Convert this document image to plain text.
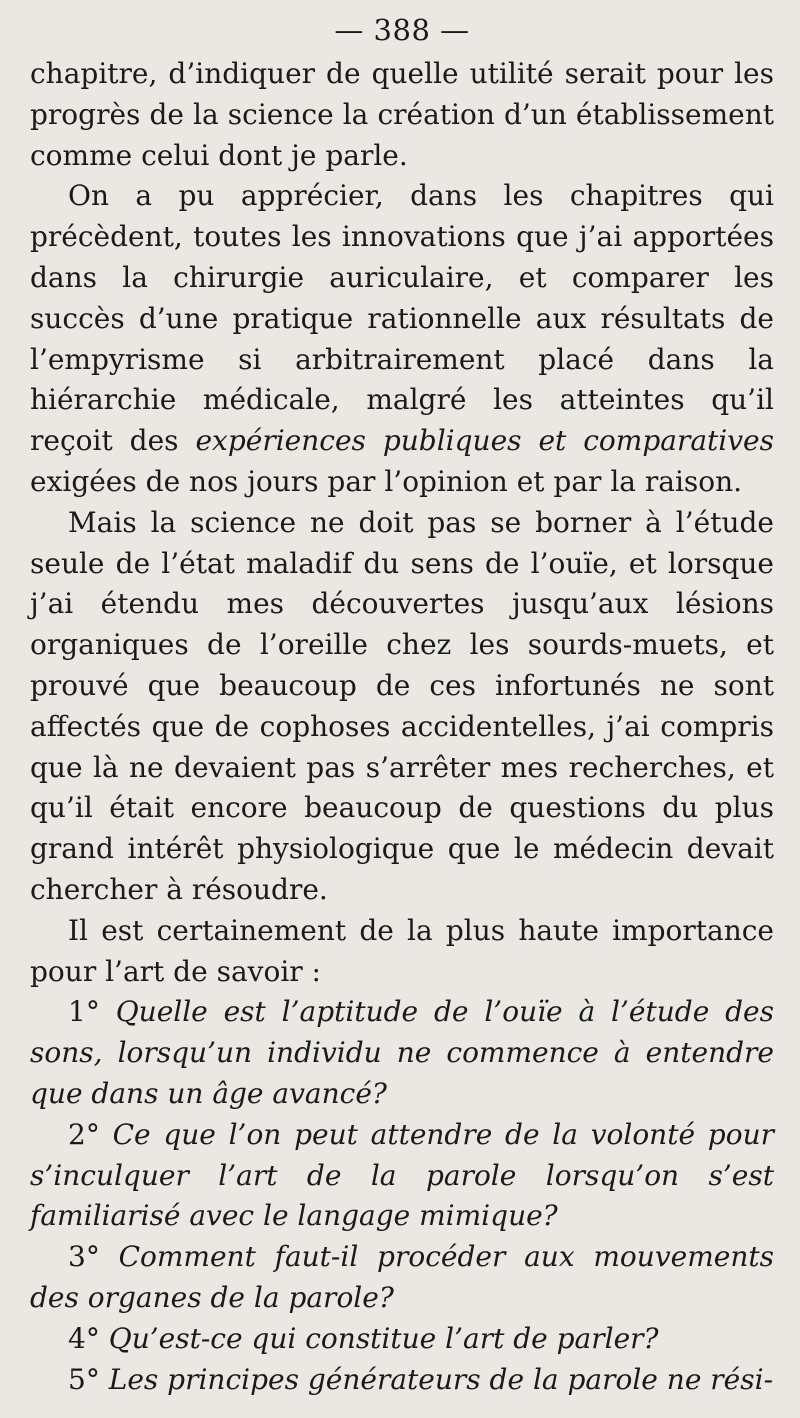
— 388 —

chapitre, d’indiquer de quelle utilité serait pour les progrès de la science la création d’un établissement comme celui dont je parle.

On a pu apprécier, dans les chapitres qui précèdent, toutes les innovations que j’ai apportées dans la chirurgie auriculaire, et comparer les succès d’une pratique rationnelle aux résultats de l’empyrisme si arbitrairement placé dans la hiérarchie médicale, malgré les atteintes qu’il reçoit des expériences publiques et comparatives exigées de nos jours par l’opinion et par la raison.

Mais la science ne doit pas se borner à l’étude seule de l’état maladif du sens de l’ouïe, et lorsque j’ai étendu mes découvertes jusqu’aux lésions organiques de l’oreille chez les sourds-muets, et prouvé que beaucoup de ces infortunés ne sont affectés que de cophoses accidentelles, j’ai compris que là ne devaient pas s’arrêter mes recherches, et qu’il était encore beaucoup de questions du plus grand intérêt physiologique que le médecin devait chercher à résoudre.

Il est certainement de la plus haute importance pour l’art de savoir :

1° Quelle est l’aptitude de l’ouïe à l’étude des sons, lorsqu’un individu ne commence à entendre que dans un âge avancé?

2° Ce que l’on peut attendre de la volonté pour s’inculquer l’art de la parole lorsqu’on s’est familiarisé avec le langage mimique?

3° Comment faut-il procéder aux mouvements des organes de la parole?

4° Qu’est-ce qui constitue l’art de parler?

5° Les principes générateurs de la parole ne rési-
